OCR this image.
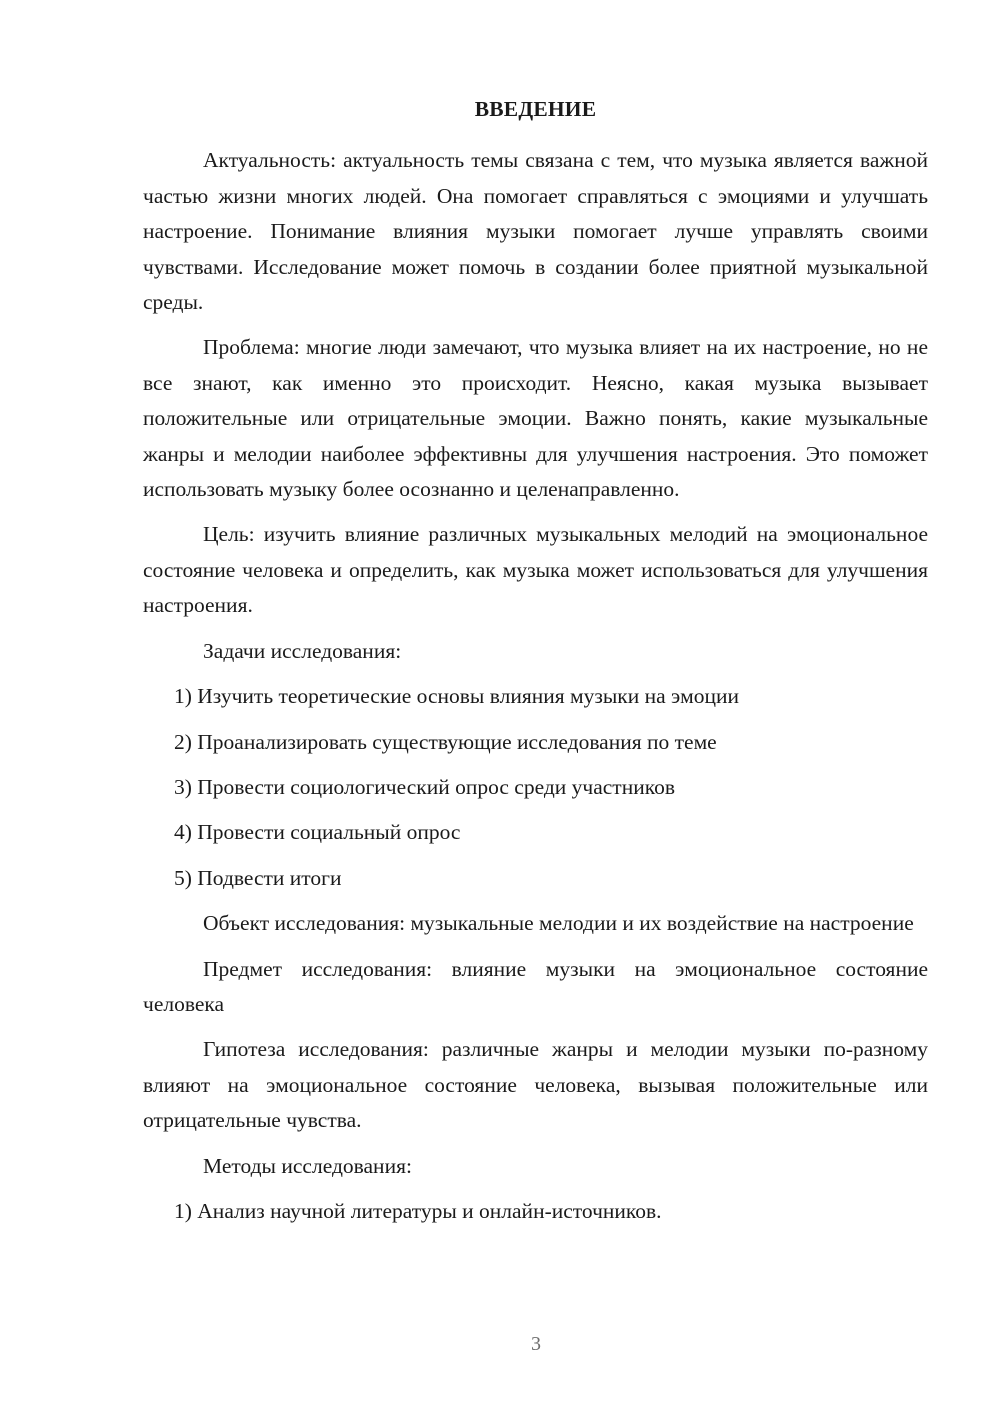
ВВЕДЕНИЕ

Актуальность: актуальность темы связана с тем, что музыка является важной частью жизни многих людей. Она помогает справляться с эмоциями и улучшать настроение. Понимание влияния музыки помогает лучше управлять своими чувствами. Исследование может помочь в создании более приятной музыкальной среды.

Проблема: многие люди замечают, что музыка влияет на их настроение, но не все знают, как именно это происходит. Неясно, какая музыка вызывает положительные или отрицательные эмоции. Важно понять, какие музыкальные жанры и мелодии наиболее эффективны для улучшения настроения. Это поможет использовать музыку более осознанно и целенаправленно.

Цель: изучить влияние различных музыкальных мелодий на эмоциональное состояние человека и определить, как музыка может использоваться для улучшения настроения.

Задачи исследования:

1) Изучить теоретические основы влияния музыки на эмоции
2) Проанализировать существующие исследования по теме
3) Провести социологический опрос среди участников
4) Провести социальный опрос
5) Подвести итоги

Объект исследования: музыкальные мелодии и их воздействие на настроение

Предмет исследования: влияние музыки на эмоциональное состояние человека

Гипотеза исследования: различные жанры и мелодии музыки по-разному влияют на эмоциональное состояние человека, вызывая положительные или отрицательные чувства.

Методы исследования:

1) Анализ научной литературы и онлайн-источников.
3
